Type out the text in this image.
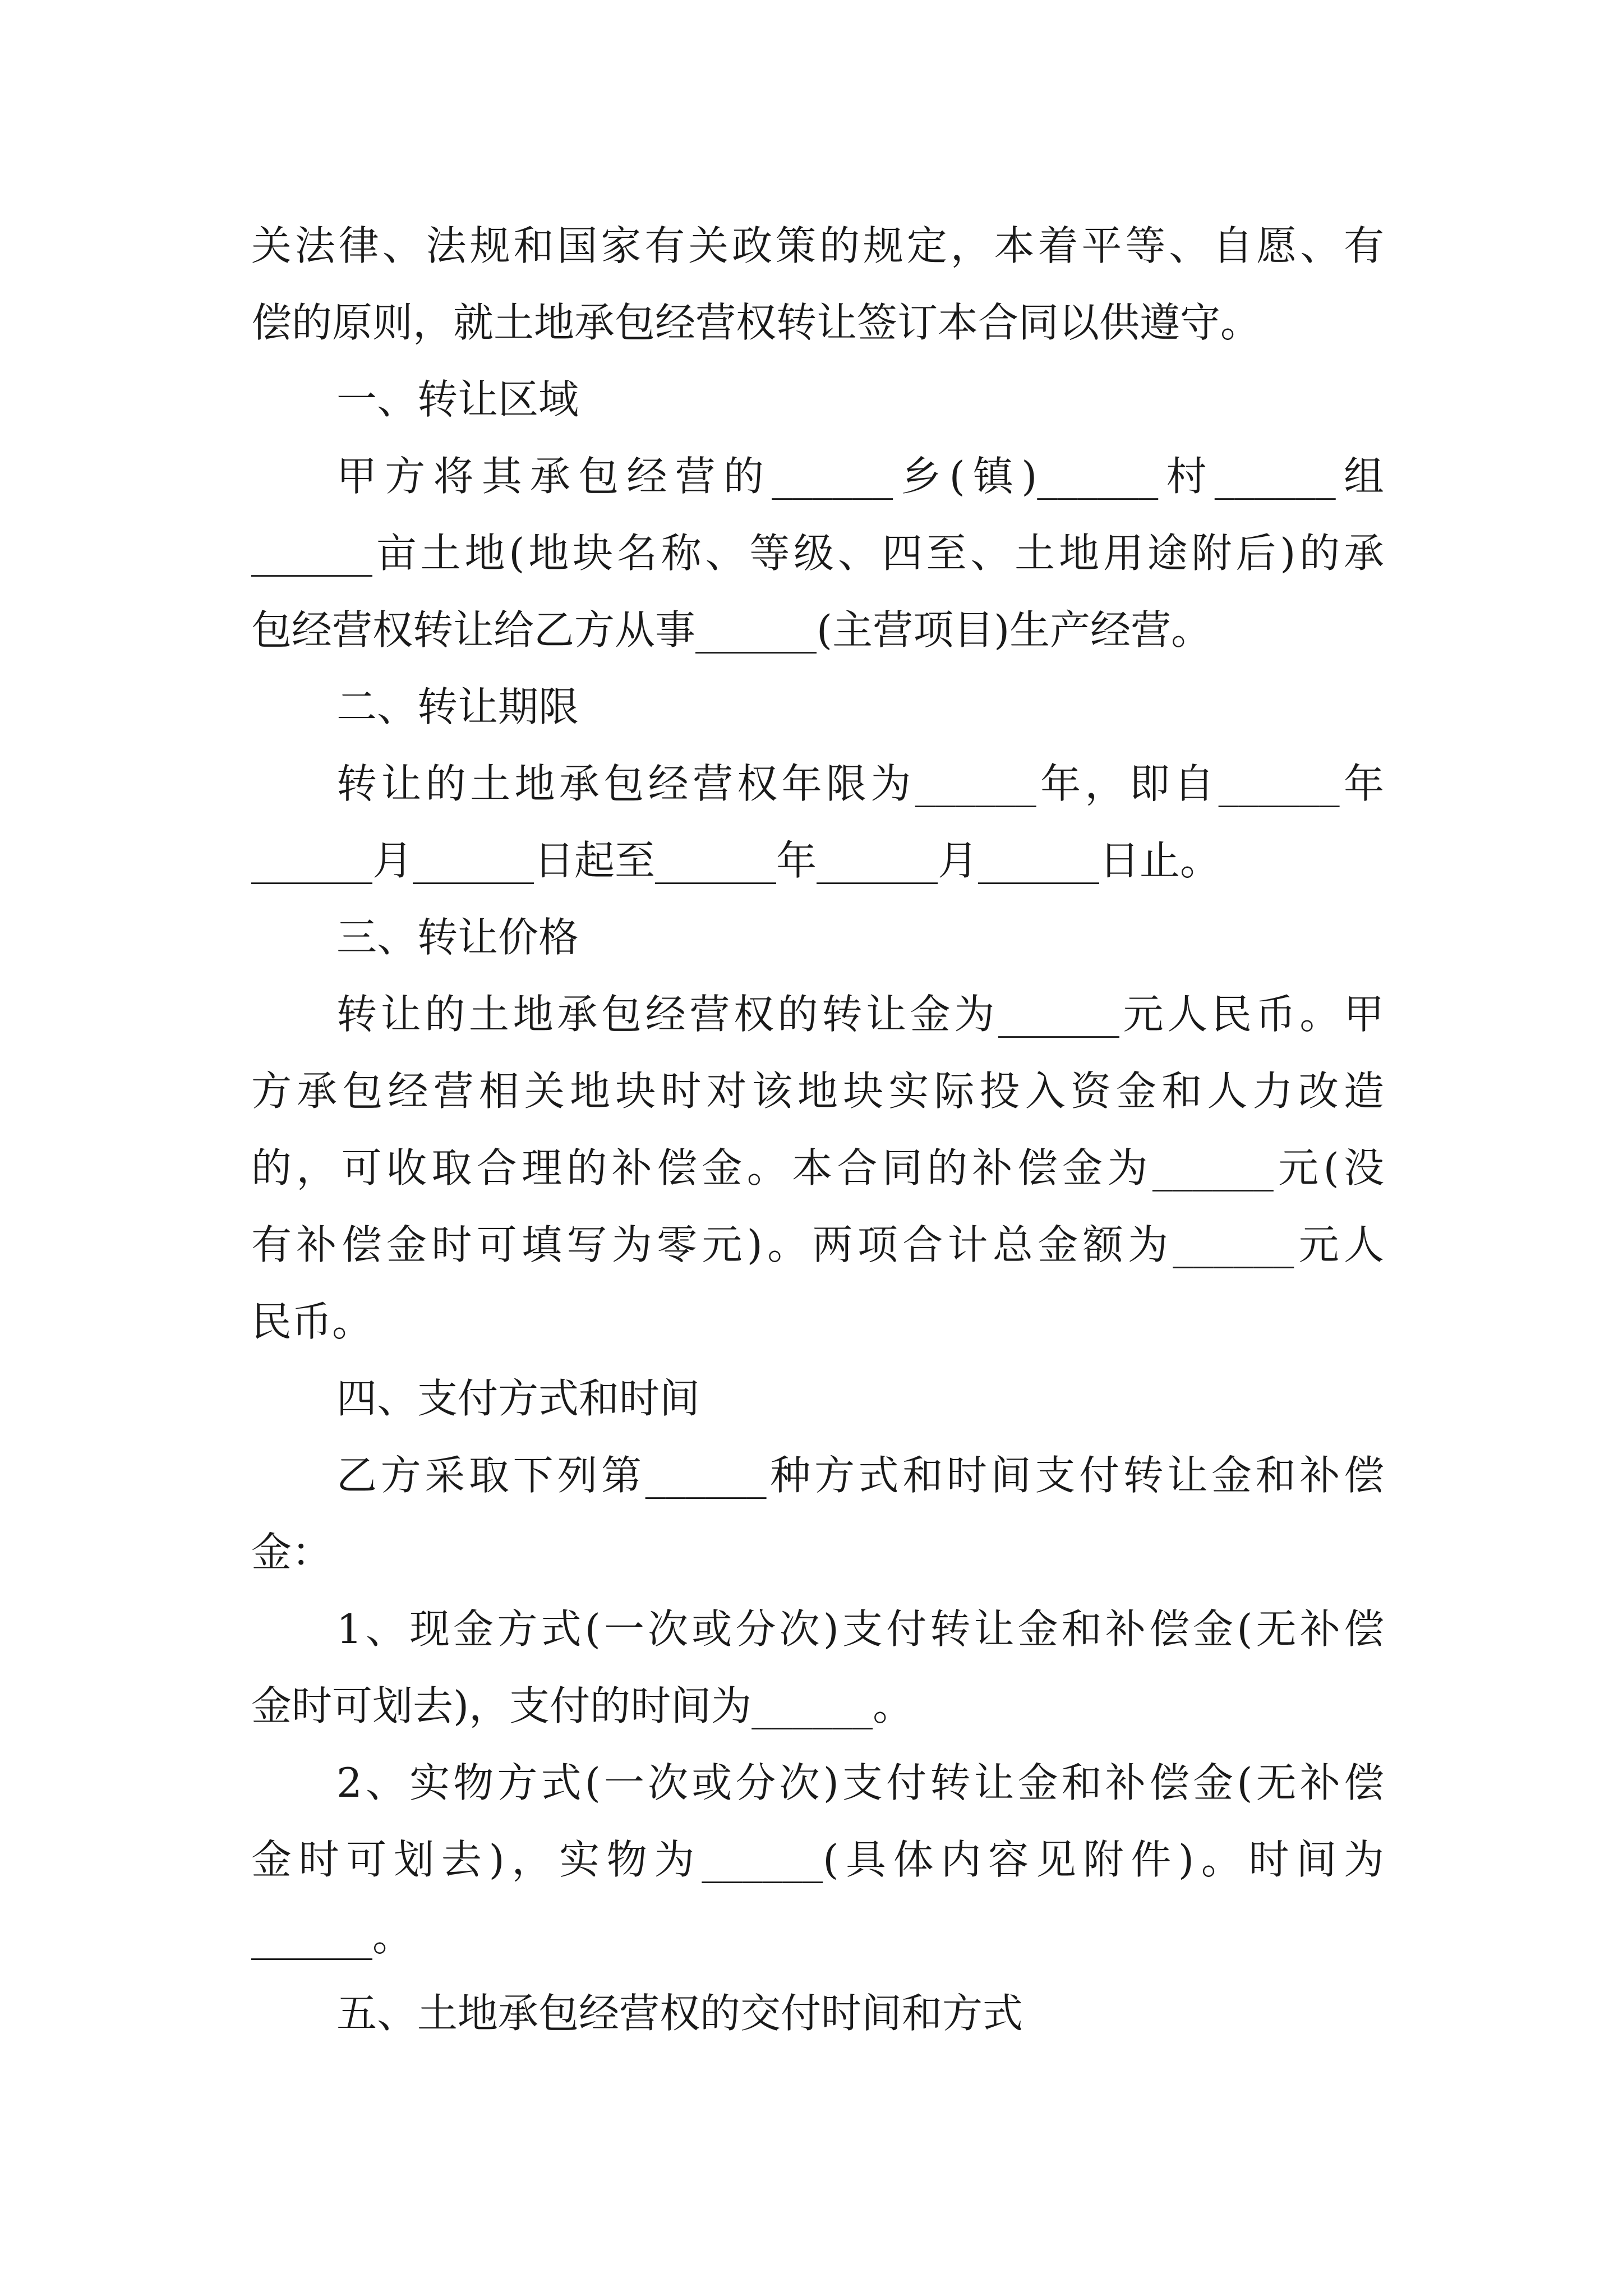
关法律、法规和国家有关政策的规定，本着平等、自愿、有
偿的原则，就土地承包经营权转让签订本合同以供遵守。
一、转让区域
甲方将其承包经营的______乡(镇)______村______组
______亩土地(地块名称、等级、四至、土地用途附后)的承
包经营权转让给乙方从事______(主营项目)生产经营。
二、转让期限
转让的土地承包经营权年限为______年，即自______年
______月______日起至______年______月______日止。
三、转让价格
转让的土地承包经营权的转让金为______元人民币。甲
方承包经营相关地块时对该地块实际投入资金和人力改造
的，可收取合理的补偿金。本合同的补偿金为______元(没
有补偿金时可填写为零元)。两项合计总金额为______元人
民币。
四、支付方式和时间
乙方采取下列第______种方式和时间支付转让金和补偿
金：
1、现金方式(一次或分次)支付转让金和补偿金(无补偿
金时可划去)，支付的时间为______。
2、实物方式(一次或分次)支付转让金和补偿金(无补偿
金时可划去)，实物为______(具体内容见附件)。时间为
______。
五、土地承包经营权的交付时间和方式
